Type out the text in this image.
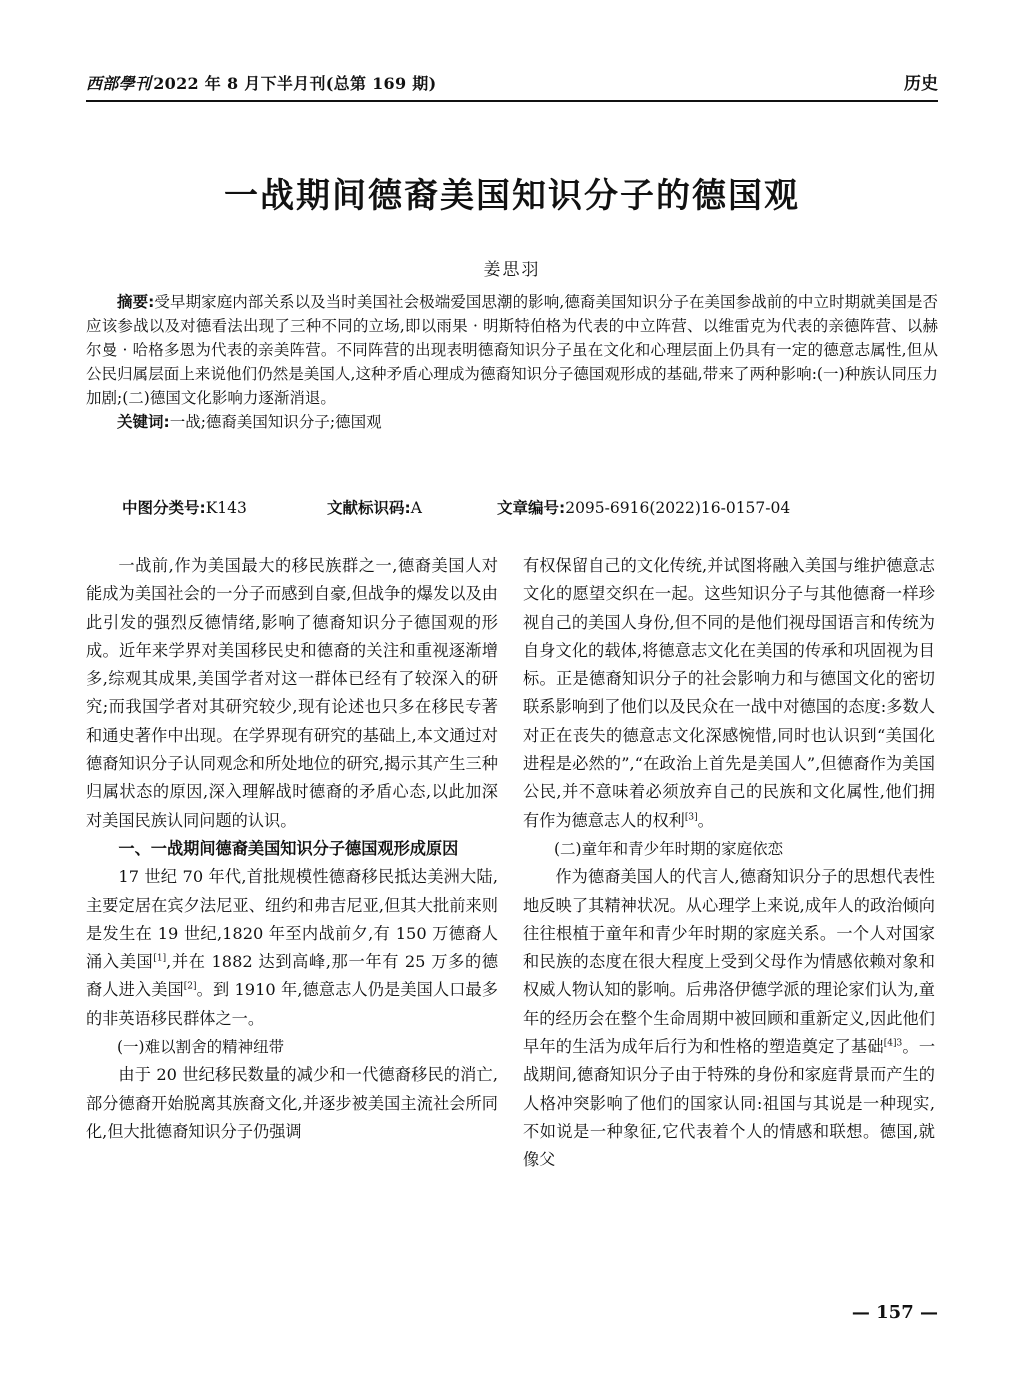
西部學刊 2022 年 8 月下半月刊(总第 169 期)	历史
一战期间德裔美国知识分子的德国观
姜思羽

摘要:受早期家庭内部关系以及当时美国社会极端爱国思潮的影响,德裔美国知识分子在美国参战前的中立时期就美国是否应该参战以及对德看法出现了三种不同的立场,即以雨果 · 明斯特伯格为代表的中立阵营、以维雷克为代表的亲德阵营、以赫尔曼 · 哈格多恩为代表的亲美阵营。不同阵营的出现表明德裔知识分子虽在文化和心理层面上仍具有一定的德意志属性,但从公民归属层面上来说他们仍然是美国人,这种矛盾心理成为德裔知识分子德国观形成的基础,带来了两种影响:(一)种族认同压力加剧;(二)德国文化影响力逐渐消退。

关键词:一战;德裔美国知识分子;德国观

中图分类号:K143	文献标识码:A	文章编号:2095-6916(2022)16-0157-04

一战前,作为美国最大的移民族群之一,德裔美国人对能成为美国社会的一分子而感到自豪,但战争的爆发以及由此引发的强烈反德情绪,影响了德裔知识分子德国观的形成。近年来学界对美国移民史和德裔的关注和重视逐渐增多,综观其成果,美国学者对这一群体已经有了较深入的研究;而我国学者对其研究较少,现有论述也只多在移民专著和通史著作中出现。在学界现有研究的基础上,本文通过对德裔知识分子认同观念和所处地位的研究,揭示其产生三种归属状态的原因,深入理解战时德裔的矛盾心态,以此加深对美国民族认同问题的认识。

一、一战期间德裔美国知识分子德国观形成原因

17 世纪 70 年代,首批规模性德裔移民抵达美洲大陆,主要定居在宾夕法尼亚、纽约和弗吉尼亚,但其大批前来则是发生在 19 世纪,1820 年至内战前夕,有 150 万德裔人涌入美国[1],并在 1882 达到高峰,那一年有 25 万多的德裔人进入美国[2]。到 1910 年,德意志人仍是美国人口最多的非英语移民群体之一。

(一)难以割舍的精神纽带

由于 20 世纪移民数量的减少和一代德裔移民的消亡,部分德裔开始脱离其族裔文化,并逐步被美国主流社会所同化,但大批德裔知识分子仍强调

有权保留自己的文化传统,并试图将融入美国与维护德意志文化的愿望交织在一起。这些知识分子与其他德裔一样珍视自己的美国人身份,但不同的是他们视母国语言和传统为自身文化的载体,将德意志文化在美国的传承和巩固视为目标。正是德裔知识分子的社会影响力和与德国文化的密切联系影响到了他们以及民众在一战中对德国的态度:多数人对正在丧失的德意志文化深感惋惜,同时也认识到“美国化进程是必然的”,“在政治上首先是美国人”,但德裔作为美国公民,并不意味着必须放弃自己的民族和文化属性,他们拥有作为德意志人的权利[3]。

(二)童年和青少年时期的家庭依恋

作为德裔美国人的代言人,德裔知识分子的思想代表性地反映了其精神状况。从心理学上来说,成年人的政治倾向往往根植于童年和青少年时期的家庭关系。一个人对国家和民族的态度在很大程度上受到父母作为情感依赖对象和权威人物认知的影响。后弗洛伊德学派的理论家们认为,童年的经历会在整个生命周期中被回顾和重新定义,因此他们早年的生活为成年后行为和性格的塑造奠定了基础$^{[4]3}$。一战期间,德裔知识分子由于特殊的身份和家庭背景而产生的人格冲突影响了他们的国家认同:祖国与其说是一种现实,不如说是一种象征,它代表着个人的情感和联想。德国,就像父

— 157 —
